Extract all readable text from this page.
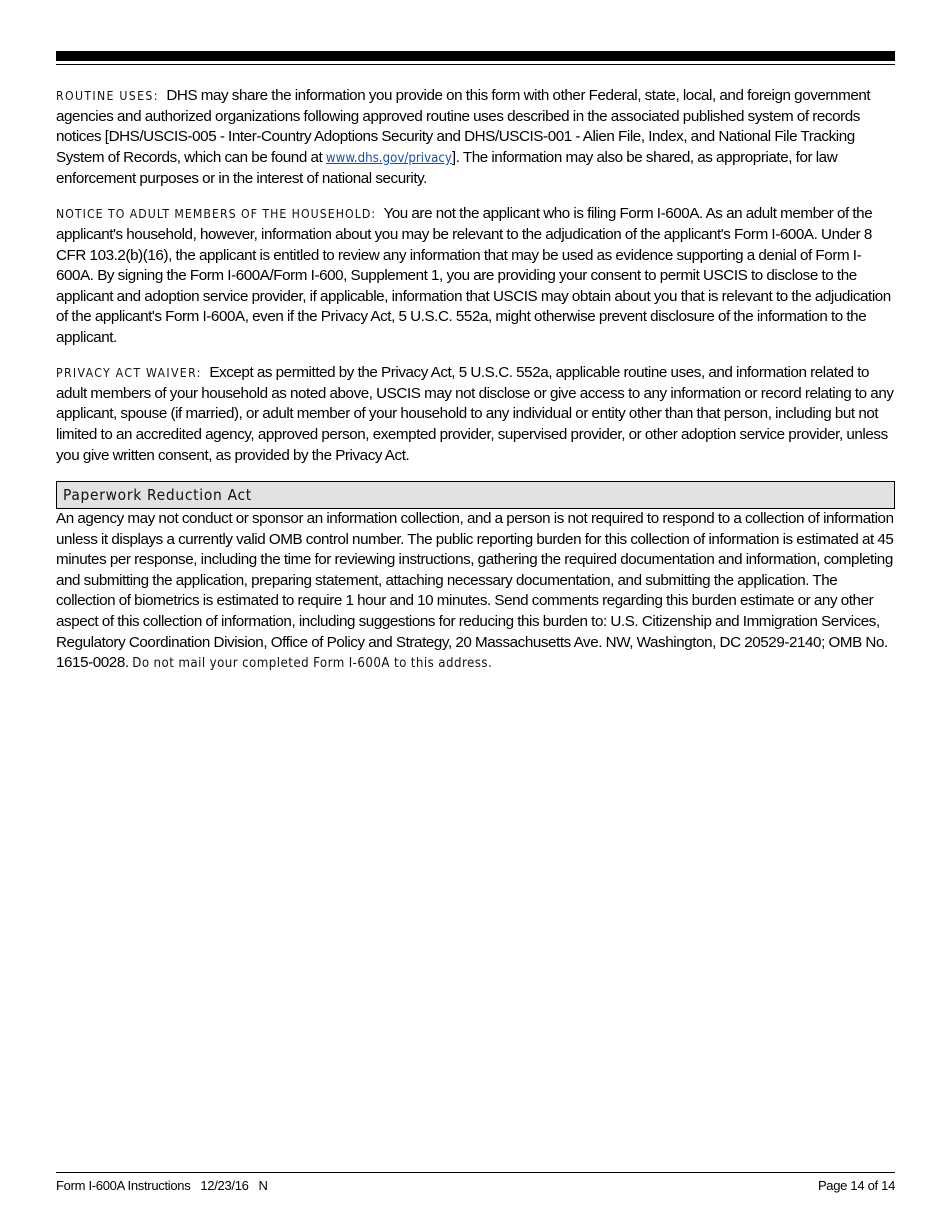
ROUTINE USES: DHS may share the information you provide on this form with other Federal, state, local, and foreign government agencies and authorized organizations following approved routine uses described in the associated published system of records notices [DHS/USCIS-005 - Inter-Country Adoptions Security and DHS/USCIS-001 - Alien File, Index, and National File Tracking System of Records, which can be found at www.dhs.gov/privacy]. The information may also be shared, as appropriate, for law enforcement purposes or in the interest of national security.

NOTICE TO ADULT MEMBERS OF THE HOUSEHOLD: You are not the applicant who is filing Form I-600A. As an adult member of the applicant's household, however, information about you may be relevant to the adjudication of the applicant's Form I-600A. Under 8 CFR 103.2(b)(16), the applicant is entitled to review any information that may be used as evidence supporting a denial of Form I-600A. By signing the Form I-600A/Form I-600, Supplement 1, you are providing your consent to permit USCIS to disclose to the applicant and adoption service provider, if applicable, information that USCIS may obtain about you that is relevant to the adjudication of the applicant's Form I-600A, even if the Privacy Act, 5 U.S.C. 552a, might otherwise prevent disclosure of the information to the applicant.

PRIVACY ACT WAIVER: Except as permitted by the Privacy Act, 5 U.S.C. 552a, applicable routine uses, and information related to adult members of your household as noted above, USCIS may not disclose or give access to any information or record relating to any applicant, spouse (if married), or adult member of your household to any individual or entity other than that person, including but not limited to an accredited agency, approved person, exempted provider, supervised provider, or other adoption service provider, unless you give written consent, as provided by the Privacy Act.

Paperwork Reduction Act

An agency may not conduct or sponsor an information collection, and a person is not required to respond to a collection of information unless it displays a currently valid OMB control number. The public reporting burden for this collection of information is estimated at 45 minutes per response, including the time for reviewing instructions, gathering the required documentation and information, completing and submitting the application, preparing statement, attaching necessary documentation, and submitting the application. The collection of biometrics is estimated to require 1 hour and 10 minutes. Send comments regarding this burden estimate or any other aspect of this collection of information, including suggestions for reducing this burden to: U.S. Citizenship and Immigration Services, Regulatory Coordination Division, Office of Policy and Strategy, 20 Massachusetts Ave. NW, Washington, DC 20529-2140; OMB No. 1615-0028. Do not mail your completed Form I-600A to this address.

Form I-600A Instructions   12/23/16   N	Page 14 of 14
